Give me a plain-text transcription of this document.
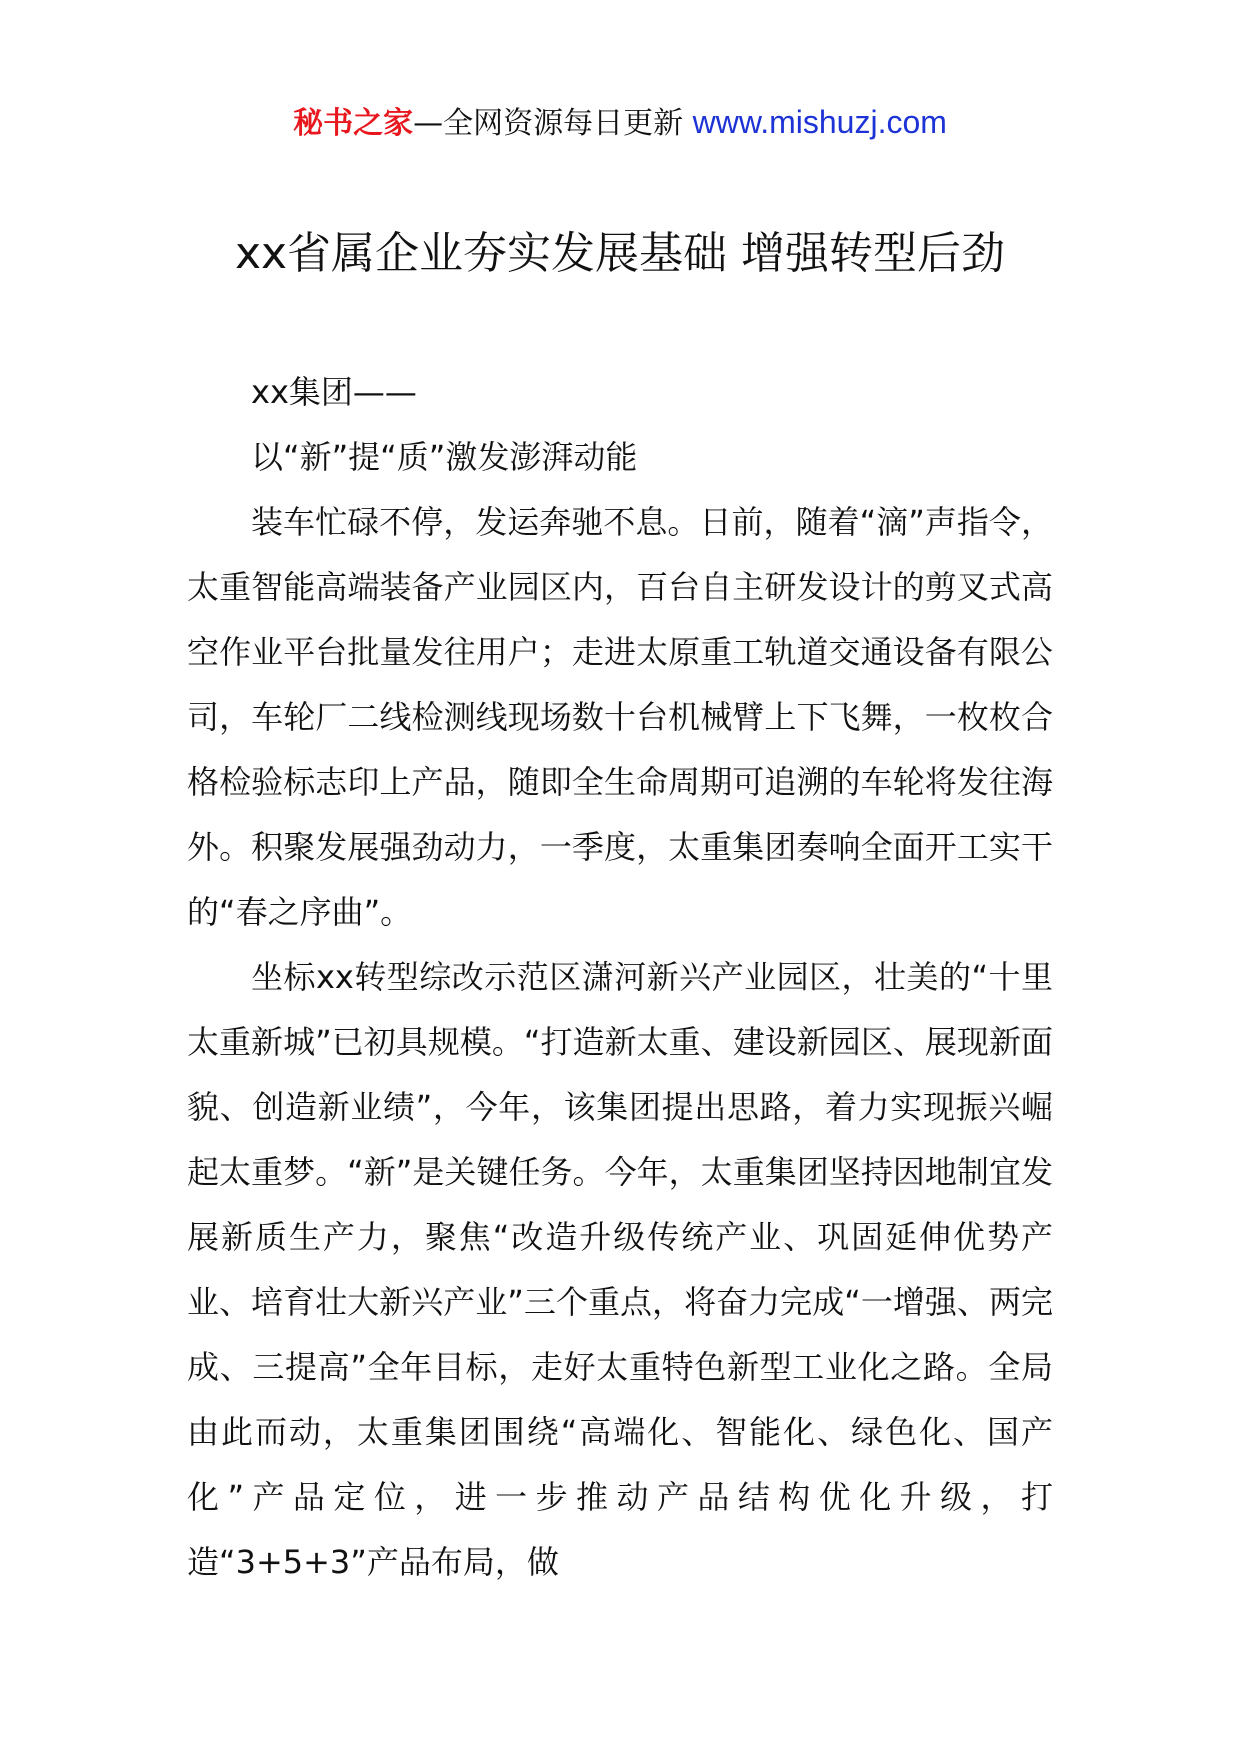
秘书之家—全网资源每日更新 www.mishuzj.com
xx省属企业夯实发展基础 增强转型后劲

xx集团——

以“新”提“质”激发澎湃动能

装车忙碌不停，发运奔驰不息。日前，随着“滴”声指令，太重智能高端装备产业园区内，百台自主研发设计的剪叉式高空作业平台批量发往用户；走进太原重工轨道交通设备有限公司，车轮厂二线检测线现场数十台机械臂上下飞舞，一枚枚合格检验标志印上产品，随即全生命周期可追溯的车轮将发往海外。积聚发展强劲动力，一季度，太重集团奏响全面开工实干的“春之序曲”。

坐标xx转型综改示范区潇河新兴产业园区，壮美的“十里太重新城”已初具规模。“打造新太重、建设新园区、展现新面貌、创造新业绩”，今年，该集团提出思路，着力实现振兴崛起太重梦。“新”是关键任务。今年，太重集团坚持因地制宜发展新质生产力，聚焦“改造升级传统产业、巩固延伸优势产业、培育壮大新兴产业”三个重点，将奋力完成“一增强、两完成、三提高”全年目标，走好太重特色新型工业化之路。全局由此而动，太重集团围绕“高端化、智能化、绿色化、国产化”产品定位，进一步推动产品结构优化升级，打造“3+5+3”产品布局，做
